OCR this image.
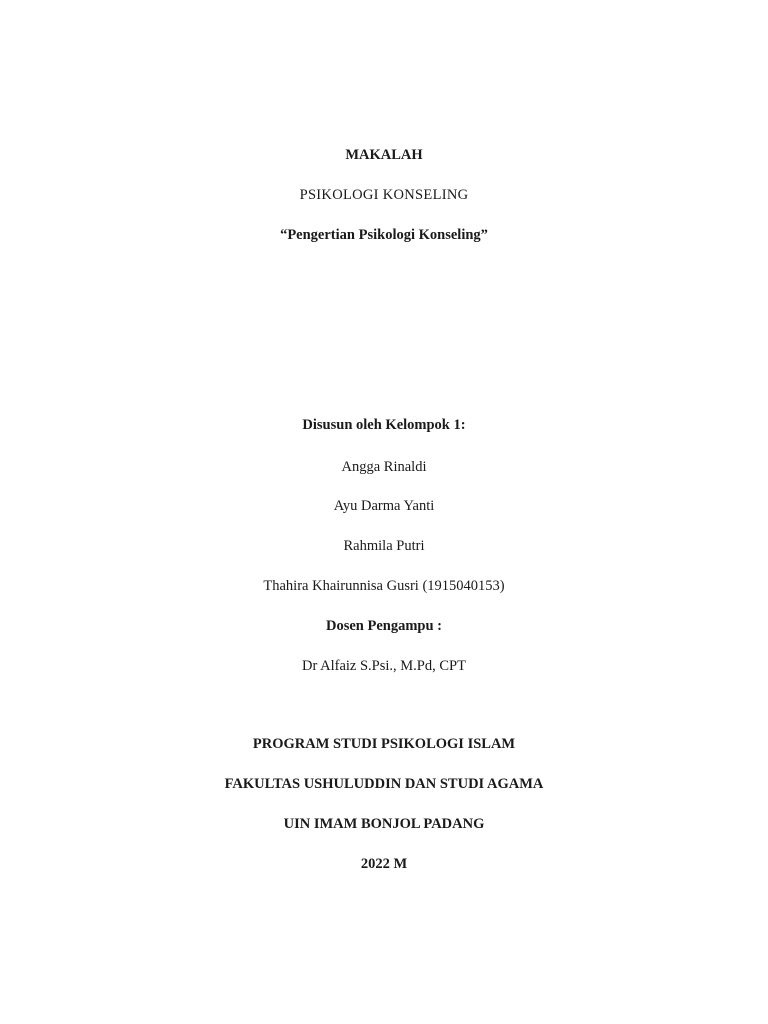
MAKALAH
PSIKOLOGI KONSELING
“Pengertian Psikologi Konseling”
Disusun oleh Kelompok 1:
Angga Rinaldi
Ayu Darma Yanti
Rahmila Putri
Thahira Khairunnisa Gusri (1915040153)
Dosen Pengampu :
Dr Alfaiz S.Psi., M.Pd, CPT
PROGRAM STUDI PSIKOLOGI ISLAM
FAKULTAS USHULUDDIN DAN STUDI AGAMA
UIN IMAM BONJOL PADANG
2022 M
